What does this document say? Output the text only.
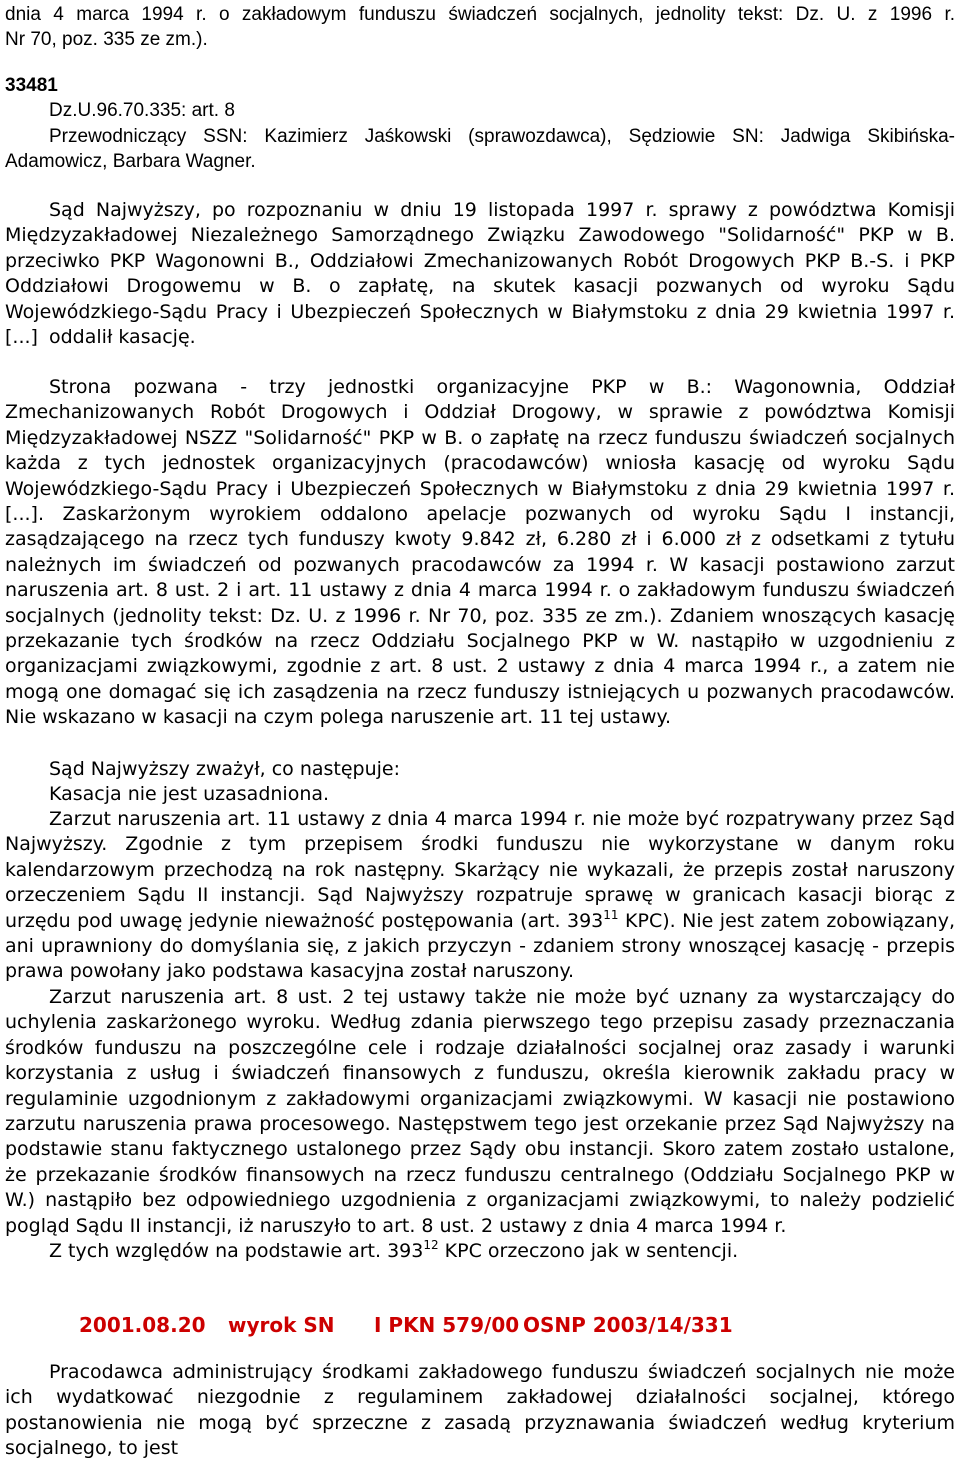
dnia 4 marca 1994 r. o zakładowym funduszu świadczeń socjalnych, jednolity tekst: Dz. U. z 1996 r.
Nr 70, poz. 335 ze zm.).
33481
Dz.U.96.70.335: art. 8
Przewodniczący SSN: Kazimierz Jaśkowski (sprawozdawca), Sędziowie SN: Jadwiga Skibińska-Adamowicz, Barbara Wagner.
Sąd Najwyższy, po rozpoznaniu w dniu 19 listopada 1997 r. sprawy z powództwa Komisji Międzyzakładowej Niezależnego Samorządnego Związku Zawodowego "Solidarność" PKP w B. przeciwko PKP Wagonowni B., Oddziałowi Zmechanizowanych Robót Drogowych PKP B.-S. i PKP Oddziałowi Drogowemu w B. o zapłatę, na skutek kasacji pozwanych od wyroku Sądu Wojewódzkiego-Sądu Pracy i Ubezpieczeń Społecznych w Białymstoku z dnia 29 kwietnia 1997 r. [...] oddalił kasację.
Strona pozwana - trzy jednostki organizacyjne PKP w B.: Wagonownia, Oddział Zmechanizowanych Robót Drogowych i Oddział Drogowy, w sprawie z powództwa Komisji Międzyzakładowej NSZZ "Solidarność" PKP w B. o zapłatę na rzecz funduszu świadczeń socjalnych każda z tych jednostek organizacyjnych (pracodawców) wniosła kasację od wyroku Sądu Wojewódzkiego-Sądu Pracy i Ubezpieczeń Społecznych w Białymstoku z dnia 29 kwietnia 1997 r. [...]. Zaskarżonym wyrokiem oddalono apelacje pozwanych od wyroku Sądu I instancji, zasądzającego na rzecz tych funduszy kwoty 9.842 zł, 6.280 zł i 6.000 zł z odsetkami z tytułu należnych im świadczeń od pozwanych pracodawców za 1994 r. W kasacji postawiono zarzut naruszenia art. 8 ust. 2 i art. 11 ustawy z dnia 4 marca 1994 r. o zakładowym funduszu świadczeń socjalnych (jednolity tekst: Dz. U. z 1996 r. Nr 70, poz. 335 ze zm.). Zdaniem wnoszących kasację przekazanie tych środków na rzecz Oddziału Socjalnego PKP w W. nastąpiło w uzgodnieniu z organizacjami związkowymi, zgodnie z art. 8 ust. 2 ustawy z dnia 4 marca 1994 r., a zatem nie mogą one domagać się ich zasądzenia na rzecz funduszy istniejących u pozwanych pracodawców. Nie wskazano w kasacji na czym polega naruszenie art. 11 tej ustawy.
Sąd Najwyższy zważył, co następuje:
Kasacja nie jest uzasadniona.
Zarzut naruszenia art. 11 ustawy z dnia 4 marca 1994 r. nie może być rozpatrywany przez Sąd Najwyższy. Zgodnie z tym przepisem środki funduszu nie wykorzystane w danym roku kalendarzowym przechodzą na rok następny. Skarżący nie wykazali, że przepis został naruszony orzeczeniem Sądu II instancji. Sąd Najwyższy rozpatruje sprawę w granicach kasacji biorąc z urzędu pod uwagę jedynie nieważność postępowania (art. $393^{11}$ KPC). Nie jest zatem zobowiązany, ani uprawniony do domyślania się, z jakich przyczyn - zdaniem strony wnoszącej kasację - przepis prawa powołany jako podstawa kasacyjna został naruszony.
Zarzut naruszenia art. 8 ust. 2 tej ustawy także nie może być uznany za wystarczający do uchylenia zaskarżonego wyroku. Według zdania pierwszego tego przepisu zasady przeznaczania środków funduszu na poszczególne cele i rodzaje działalności socjalnej oraz zasady i warunki korzystania z usług i świadczeń finansowych z funduszu, określa kierownik zakładu pracy w regulaminie uzgodnionym z zakładowymi organizacjami związkowymi. W kasacji nie postawiono zarzutu naruszenia prawa procesowego. Następstwem tego jest orzekanie przez Sąd Najwyższy na podstawie stanu faktycznego ustalonego przez Sądy obu instancji. Skoro zatem zostało ustalone, że przekazanie środków finansowych na rzecz funduszu centralnego (Oddziału Socjalnego PKP w W.) nastąpiło bez odpowiedniego uzgodnienia z organizacjami związkowymi, to należy podzielić pogląd Sądu II instancji, iż naruszyło to art. 8 ust. 2 ustawy z dnia 4 marca 1994 r.
Z tych względów na podstawie art. $393^{12}$ KPC orzeczono jak w sentencji.
2001.08.20 wyrok SN I PKN 579/00 OSNP 2003/14/331
Pracodawca administrujący środkami zakładowego funduszu świadczeń socjalnych nie może ich wydatkować niezgodnie z regulaminem zakładowej działalności socjalnej, którego postanowienia nie mogą być sprzeczne z zasadą przyznawania świadczeń według kryterium socjalnego, to jest
